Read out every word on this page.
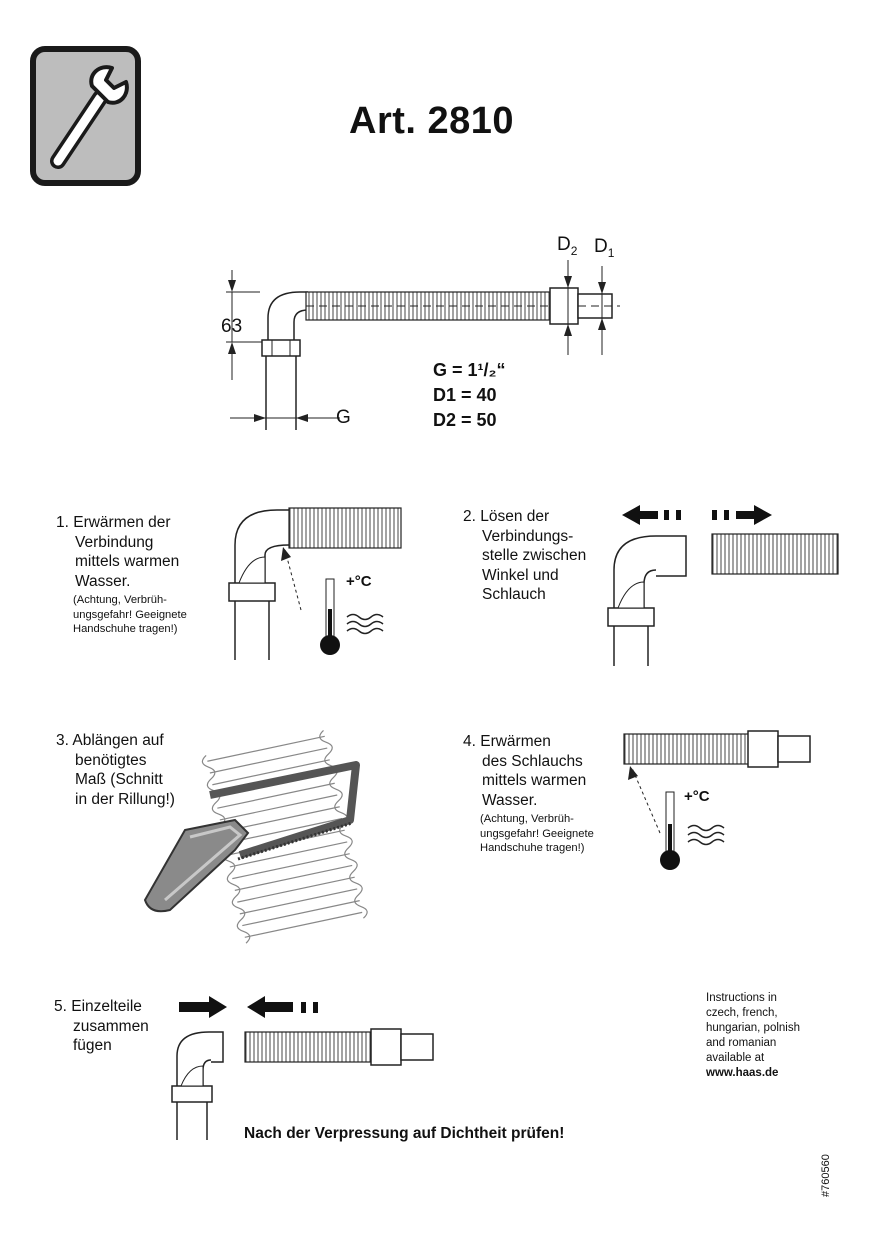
Art. 2810
63
G
$D_2$ $D_1$
G = 1¹/₂“
D1 = 40
D2 = 50
1. Erwärmen der
Verbindung
mittels warmen
Wasser.
(Achtung, Verbrüh-
ungsgefahr! Geeignete
Handschuhe tragen!)
+°C
2. Lösen der
Verbindungs-
stelle zwischen
Winkel und
Schlauch
3. Ablängen auf
benötigtes
Maß (Schnitt
in der Rillung!)
4. Erwärmen
des Schlauchs
mittels warmen
Wasser.
(Achtung, Verbrüh-
ungsgefahr! Geeignete
Handschuhe tragen!)
+°C
5. Einzelteile
zusammen
fügen
Instructions in
czech, french,
hungarian, polnish
and romanian
available at
www.haas.de
Nach der Verpressung auf Dichtheit prüfen!
#760560
